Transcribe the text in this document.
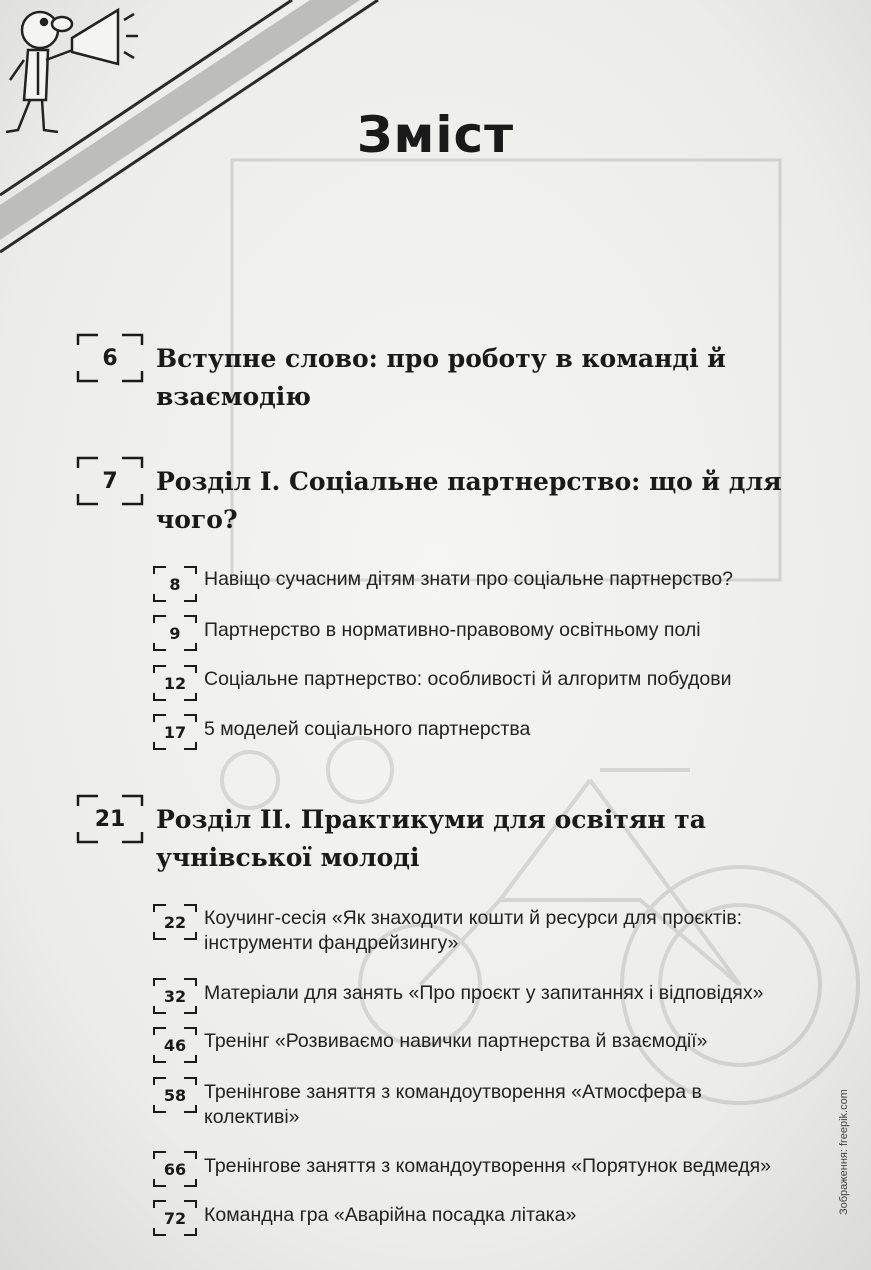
Зміст
6 Вступне слово: про роботу в команді й взаємодію
7 Розділ І. Соціальне партнерство: що й для чого?
8 Навіщо сучасним дітям знати про соціальне партнерство?
9 Партнерство в нормативно-правовому освітньому полі
12 Соціальне партнерство: особливості й алгоритм побудови
17 5 моделей соціального партнерства
21 Розділ ІІ. Практикуми для освітян та учнівської молоді
22 Коучинг-сесія «Як знаходити кошти й ресурси для проєктів: інструменти фандрейзингу»
32 Матеріали для занять «Про проєкт у запитаннях і відповідях»
46 Тренінг «Розвиваємо навички партнерства й взаємодії»
58 Тренінгове заняття з командоутворення «Атмосфера в колективі»
66 Тренінгове заняття з командоутворення «Порятунок ведмедя»
72 Командна гра «Аварійна посадка літака»	Зображення: freepik.com
